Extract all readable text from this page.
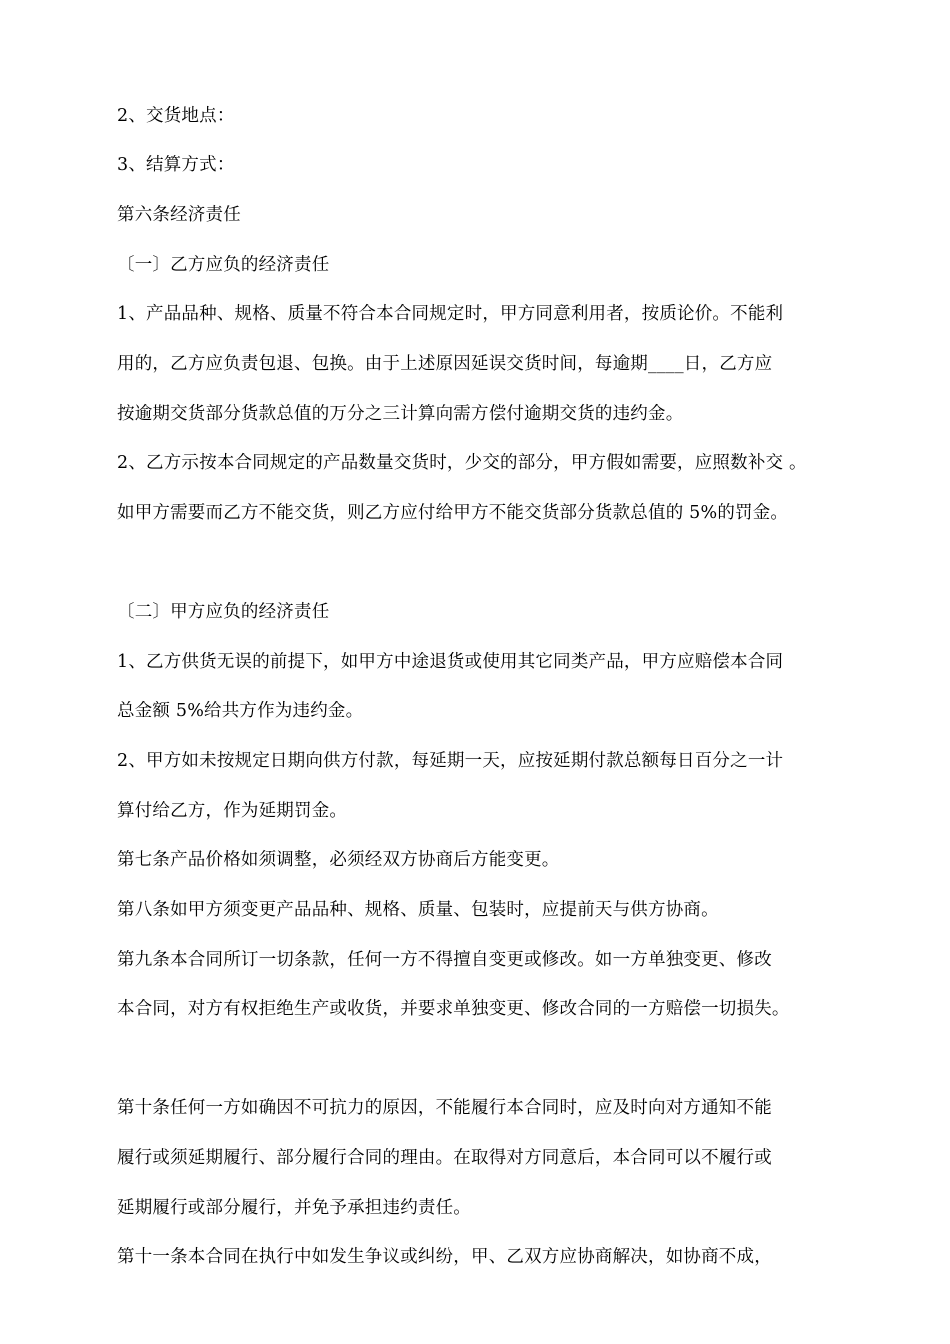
2、交货地点：
3、结算方式：
第六条经济责任
〔一〕乙方应负的经济责任
1、产品品种、规格、质量不符合本合同规定时，甲方同意利用者，按质论价。不能利
用的，乙方应负责包退、包换。由于上述原因延误交货时间，每逾期____日，乙方应
按逾期交货部分货款总值的万分之三计算向需方偿付逾期交货的违约金。
2、乙方示按本合同规定的产品数量交货时，少交的部分，甲方假如需要，应照数补交 。
如甲方需要而乙方不能交货，则乙方应付给甲方不能交货部分货款总值的 5%的罚金。
〔二〕甲方应负的经济责任
1、乙方供货无误的前提下，如甲方中途退货或使用其它同类产品，甲方应赔偿本合同
总金额 5%给共方作为违约金。
2、甲方如未按规定日期向供方付款，每延期一天，应按延期付款总额每日百分之一计
算付给乙方，作为延期罚金。
第七条产品价格如须调整，必须经双方协商后方能变更。
第八条如甲方须变更产品品种、规格、质量、包装时，应提前天与供方协商。
第九条本合同所订一切条款，任何一方不得擅自变更或修改。如一方单独变更、修改
本合同，对方有权拒绝生产或收货，并要求单独变更、修改合同的一方赔偿一切损失。
第十条任何一方如确因不可抗力的原因，不能履行本合同时，应及时向对方通知不能
履行或须延期履行、部分履行合同的理由。在取得对方同意后，本合同可以不履行或
延期履行或部分履行，并免予承担违约责任。
第十一条本合同在执行中如发生争议或纠纷，甲、乙双方应协商解决，如协商不成，
